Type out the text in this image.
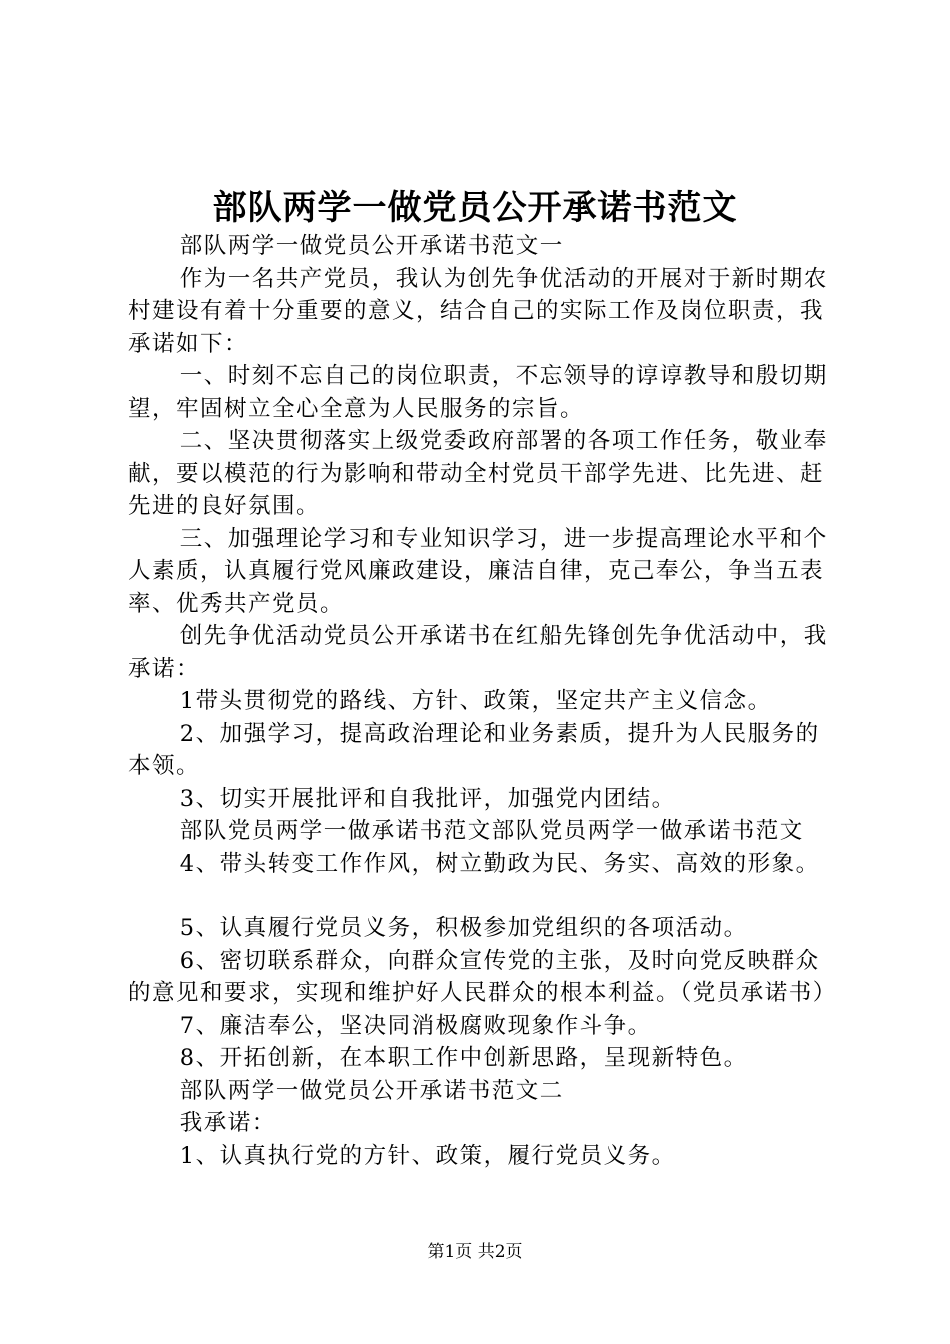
部队两学一做党员公开承诺书范文

部队两学一做党员公开承诺书范文一

作为一名共产党员，我认为创先争优活动的开展对于新时期农村建设有着十分重要的意义，结合自己的实际工作及岗位职责，我承诺如下：

一、时刻不忘自己的岗位职责，不忘领导的谆谆教导和殷切期望，牢固树立全心全意为人民服务的宗旨。

二、坚决贯彻落实上级党委政府部署的各项工作任务，敬业奉献，要以模范的行为影响和带动全村党员干部学先进、比先进、赶先进的良好氛围。

三、加强理论学习和专业知识学习，进一步提高理论水平和个人素质，认真履行党风廉政建设，廉洁自律，克己奉公，争当五表率、优秀共产党员。

创先争优活动党员公开承诺书在红船先锋创先争优活动中，我承诺：

1带头贯彻党的路线、方针、政策，坚定共产主义信念。

2、加强学习，提高政治理论和业务素质，提升为人民服务的本领。

3、切实开展批评和自我批评，加强党内团结。

部队党员两学一做承诺书范文部队党员两学一做承诺书范文

4、带头转变工作作风，树立勤政为民、务实、高效的形象。

5、认真履行党员义务，积极参加党组织的各项活动。

6、密切联系群众，向群众宣传党的主张，及时向党反映群众的意见和要求，实现和维护好人民群众的根本利益。（党员承诺书）

7、廉洁奉公，坚决同消极腐败现象作斗争。

8、开拓创新，在本职工作中创新思路，呈现新特色。

部队两学一做党员公开承诺书范文二

我承诺：

1、认真执行党的方针、政策，履行党员义务。

第1页 共2页
